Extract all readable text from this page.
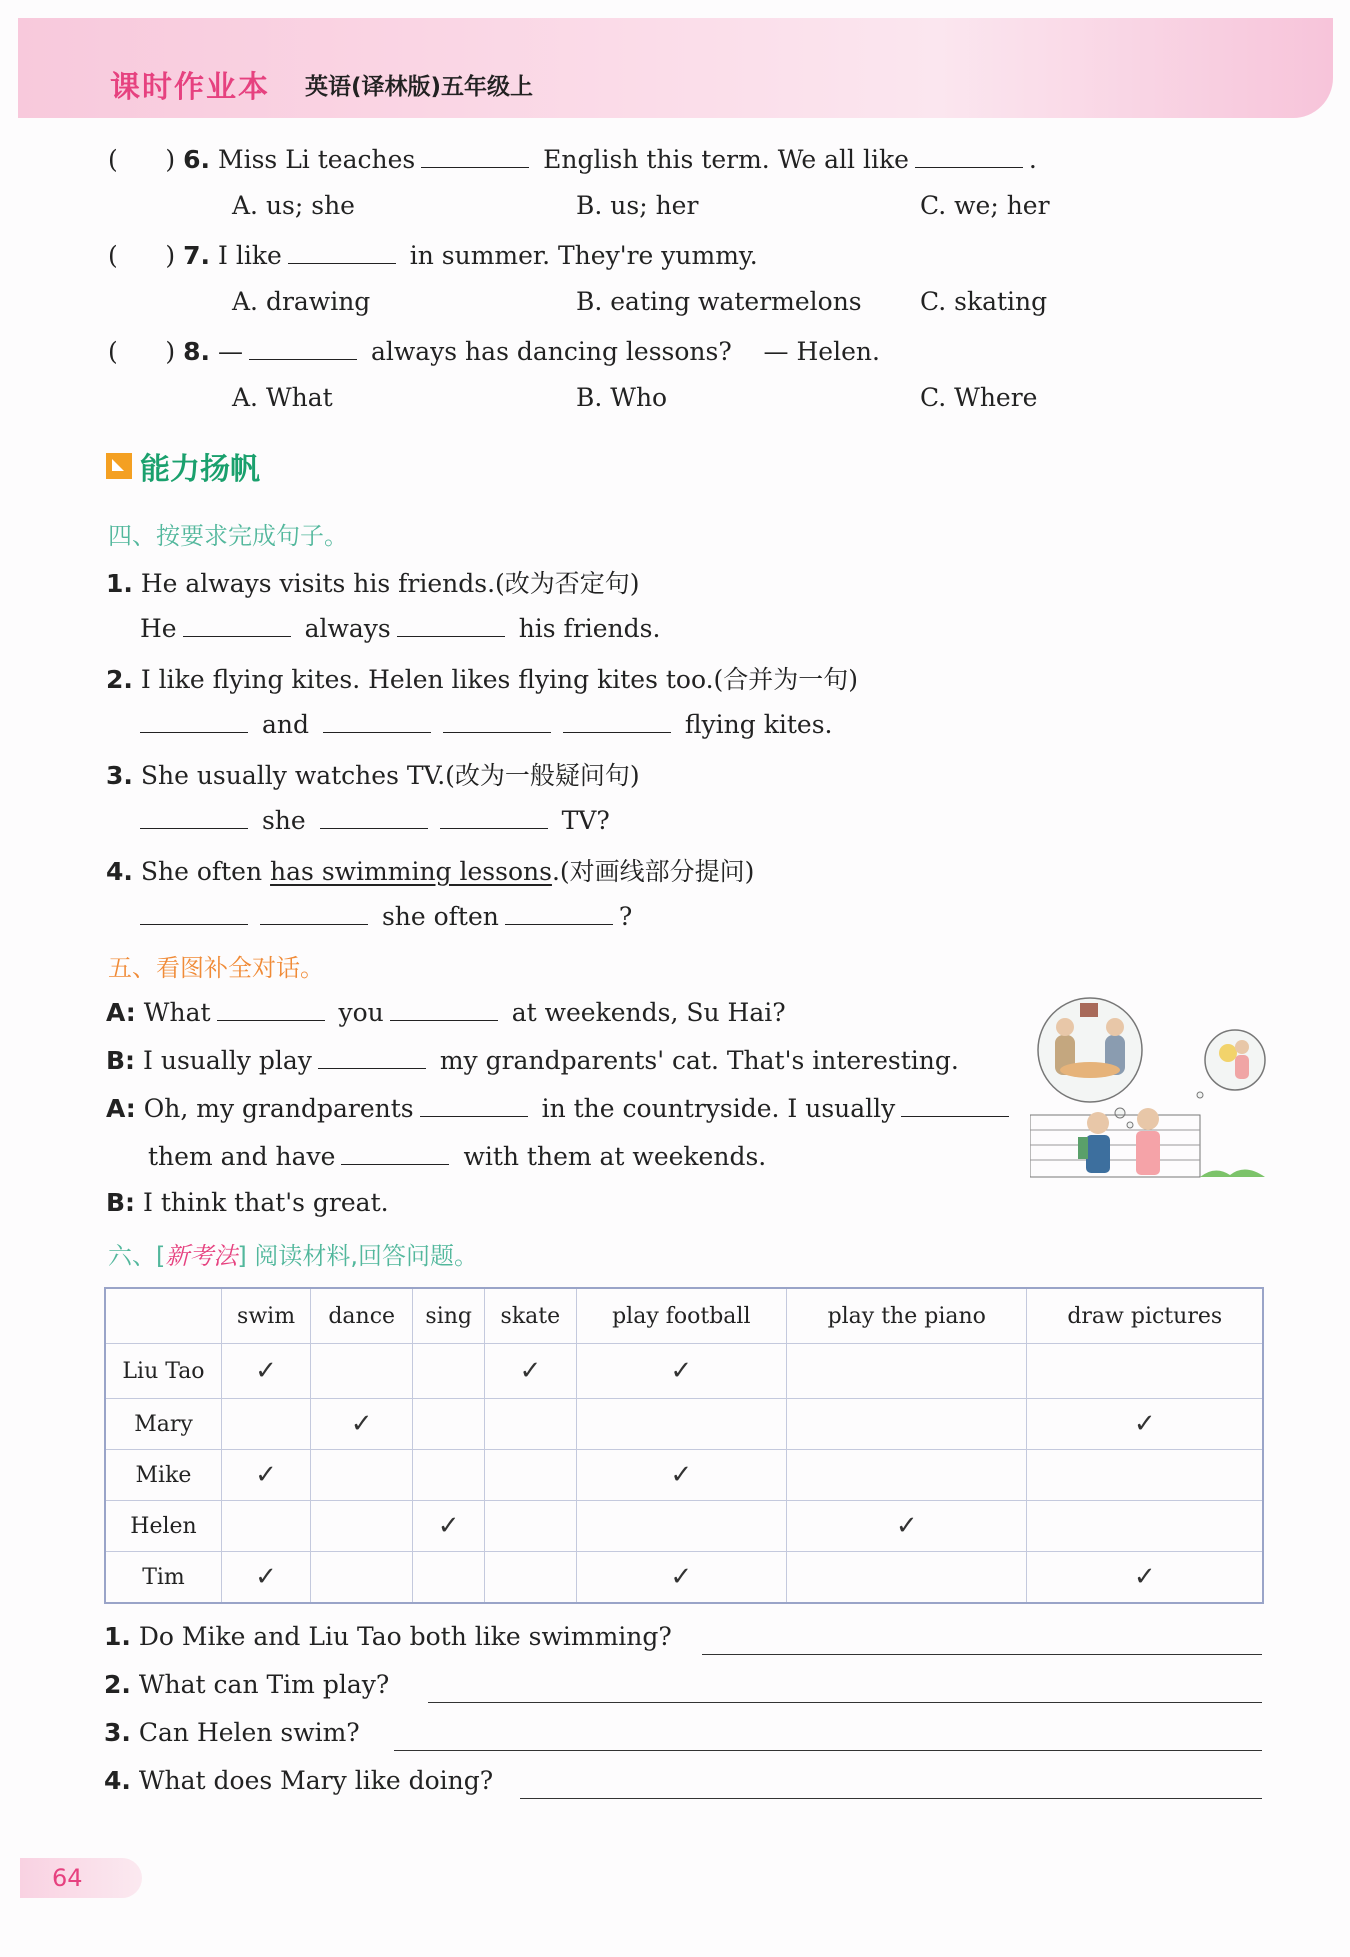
课时作业本 英语(译林版)五年级上
(      ) 6. Miss Li teaches	English this term. We all like	.
A. us; she	B. us; her	C. we; her
(      ) 7. I like	in summer. They're yummy.
A. drawing	B. eating watermelons C. skating
(      ) 8. —	always has dancing lessons? — Helen.
A. What	B. Who	C. Where
能力扬帆
四、按要求完成句子。
1. He always visits his friends.(改为否定句)
He	always	his friends.
2. I like flying kites. Helen likes flying kites too.(合并为一句)
and	flying kites.
3. She usually watches TV.(改为一般疑问句)
she	TV?
4. She often has swimming lessons.(对画线部分提问)
she often	?
五、看图补全对话。
A: What	you	at weekends, Su Hai?
B: I usually play	my grandparents' cat. That's interesting.
A: Oh, my grandparents	in the countryside. I usually
them and have	with them at weekends.
B: I think that's great.
六、[新考法] 阅读材料,回答问题。
	swim	dance	sing	skate	play football	play the piano	draw pictures
Liu Tao	✓			✓	✓		
Mary		✓					✓
Mike	✓				✓		
Helen			✓			✓	
Tim	✓				✓		✓
1. Do Mike and Liu Tao both like swimming?
2. What can Tim play?
3. Can Helen swim?
4. What does Mary like doing?
64
